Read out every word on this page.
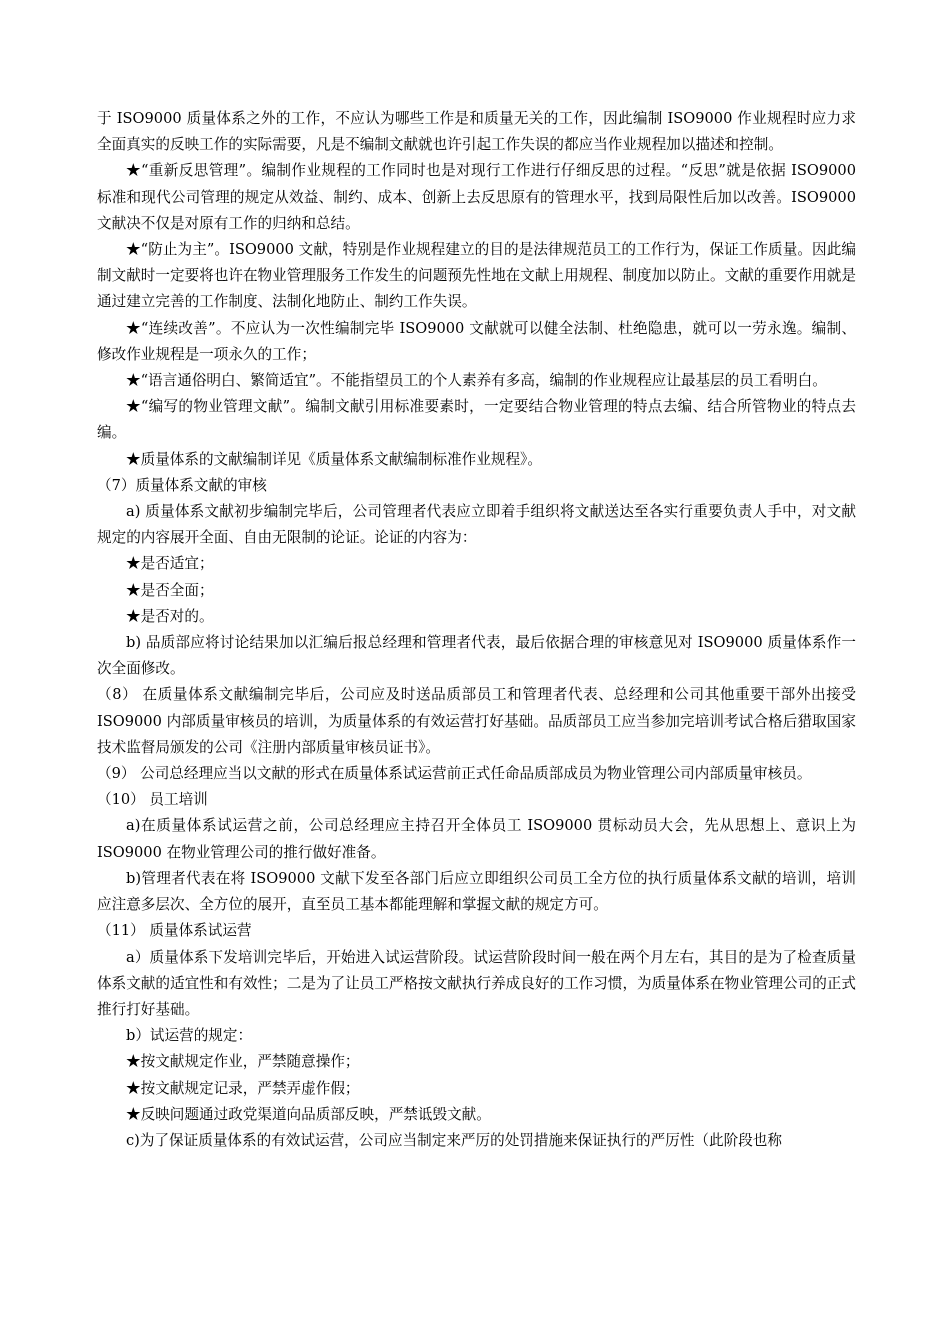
于 ISO9000 质量体系之外的工作，不应认为哪些工作是和质量无关的工作，因此编制 ISO9000 作业规程时应力求全面真实的反映工作的实际需要，凡是不编制文献就也许引起工作失误的都应当作业规程加以描述和控制。

★“重新反思管理”。编制作业规程的工作同时也是对现行工作进行仔细反思的过程。“反思”就是依据 ISO9000 标准和现代公司管理的规定从效益、制约、成本、创新上去反思原有的管理水平，找到局限性后加以改善。ISO9000 文献决不仅是对原有工作的归纳和总结。

★“防止为主”。ISO9000 文献，特别是作业规程建立的目的是法律规范员工的工作行为，保证工作质量。因此编制文献时一定要将也许在物业管理服务工作发生的问题预先性地在文献上用规程、制度加以防止。文献的重要作用就是通过建立完善的工作制度、法制化地防止、制约工作失误。

★“连续改善”。不应认为一次性编制完毕 ISO9000 文献就可以健全法制、杜绝隐患，就可以一劳永逸。编制、修改作业规程是一项永久的工作；

★“语言通俗明白、繁简适宜”。不能指望员工的个人素养有多高，编制的作业规程应让最基层的员工看明白。

★“编写的物业管理文献”。编制文献引用标准要素时，一定要结合物业管理的特点去编、结合所管物业的特点去编。

★质量体系的文献编制详见《质量体系文献编制标准作业规程》。

（7）质量体系文献的审核

a) 质量体系文献初步编制完毕后，公司管理者代表应立即着手组织将文献送达至各实行重要负责人手中，对文献规定的内容展开全面、自由无限制的论证。论证的内容为：

★是否适宜；

★是否全面；

★是否对的。

b) 品质部应将讨论结果加以汇编后报总经理和管理者代表，最后依据合理的审核意见对 ISO9000 质量体系作一次全面修改。

（8） 在质量体系文献编制完毕后，公司应及时送品质部员工和管理者代表、总经理和公司其他重要干部外出接受 ISO9000 内部质量审核员的培训，为质量体系的有效运营打好基础。品质部员工应当参加完培训考试合格后猎取国家技术监督局颁发的公司《注册内部质量审核员证书》。

（9） 公司总经理应当以文献的形式在质量体系试运营前正式任命品质部成员为物业管理公司内部质量审核员。

（10） 员工培训

a)在质量体系试运营之前，公司总经理应主持召开全体员工 ISO9000 贯标动员大会，先从思想上、意识上为 ISO9000 在物业管理公司的推行做好准备。

b)管理者代表在将 ISO9000 文献下发至各部门后应立即组织公司员工全方位的执行质量体系文献的培训，培训应注意多层次、全方位的展开，直至员工基本都能理解和掌握文献的规定方可。

（11） 质量体系试运营

a）质量体系下发培训完毕后，开始进入试运营阶段。试运营阶段时间一般在两个月左右，其目的是为了检查质量体系文献的适宜性和有效性；二是为了让员工严格按文献执行养成良好的工作习惯，为质量体系在物业管理公司的正式推行打好基础。

b）试运营的规定：

★按文献规定作业，严禁随意操作；

★按文献规定记录，严禁弄虚作假；

★反映问题通过政党渠道向品质部反映，严禁诋毁文献。

c)为了保证质量体系的有效试运营，公司应当制定来严厉的处罚措施来保证执行的严厉性（此阶段也称
